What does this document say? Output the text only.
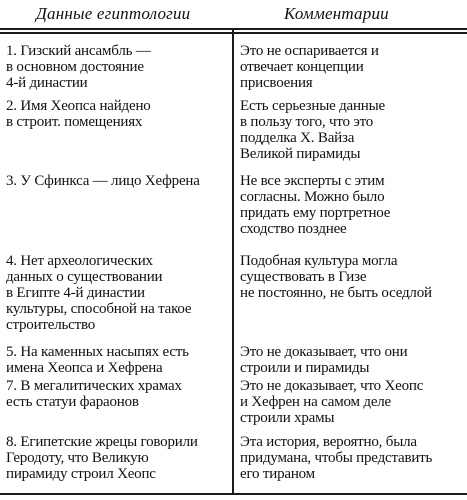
Данные египтологии	Комментарии
1. Гизский ансамбль —
в основном достояние
4-й династии
Это не оспаривается и
отвечает концепции
присвоения
2. Имя Хеопса найдено
в строит. помещениях
Есть серьезные данные
в пользу того, что это
подделка Х. Вайза
Великой пирамиды
3. У Сфинкса — лицо Хефрена	Не все эксперты с этим
согласны. Можно было
придать ему портретное
сходство позднее
4. Нет археологических
данных о существовании
в Египте 4-й династии
культуры, способной на такое
строительство
Подобная культура могла
существовать в Гизе
не постоянно, не быть оседлой
5. На каменных насыпях есть
имена Хеопса и Хефрена
Это не доказывает, что они
строили и пирамиды
7. В мегалитических храмах
есть статуи фараонов
Это не доказывает, что Хеопс
и Хефрен на самом деле
строили храмы
8. Египетские жрецы говорили
Геродоту, что Великую
пирамиду строил Хеопс
Эта история, вероятно, была
придумана, чтобы представить
его тираном
